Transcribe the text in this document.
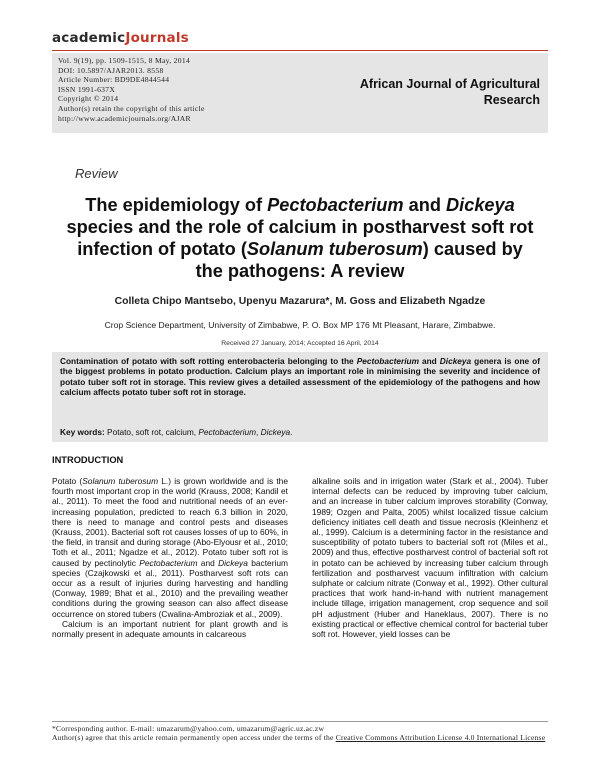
academicJournals
Vol. 9(19), pp. 1509-1515, 8 May, 2014
DOI: 10.5897/AJAR2013. 8558
Article Number: BD9DE4844544
ISSN 1991-637X
Copyright © 2014
Author(s) retain the copyright of this article
http://www.academicjournals.org/AJAR
African Journal of Agricultural
Research
Review
The epidemiology of Pectobacterium and Dickeya species and the role of calcium in postharvest soft rot infection of potato (Solanum tuberosum) caused by the pathogens: A review
Colleta Chipo Mantsebo, Upenyu Mazarura*, M. Goss and Elizabeth Ngadze
Crop Science Department, University of Zimbabwe, P. O. Box MP 176 Mt Pleasant, Harare, Zimbabwe.
Received 27 January, 2014; Accepted 16 April, 2014
Contamination of potato with soft rotting enterobacteria belonging to the Pectobacterium and Dickeya genera is one of the biggest problems in potato production. Calcium plays an important role in minimising the severity and incidence of potato tuber soft rot in storage. This review gives a detailed assessment of the epidemiology of the pathogens and how calcium affects potato tuber soft rot in storage.
Key words: Potato, soft rot, calcium, Pectobacterium, Dickeya.
INTRODUCTION

Potato (Solanum tuberosum L.) is grown worldwide and is the fourth most important crop in the world (Krauss, 2008; Kandil et al., 2011). To meet the food and nutritional needs of an ever-increasing population, predicted to reach 6.3 billion in 2020, there is need to manage and control pests and diseases (Krauss, 2001). Bacterial soft rot causes losses of up to 60%, in the field, in transit and during storage (Abo-Elyousr et al., 2010; Toth et al., 2011; Ngadze et al., 2012). Potato tuber soft rot is caused by pectinolytic Pectobacterium and Dickeya bacterium species (Czajkowski et al., 2011). Postharvest soft rots can occur as a result of injuries during harvesting and handling (Conway, 1989; Bhat et al., 2010) and the prevailing weather conditions during the growing season can also affect disease occurrence on stored tubers (Cwalina-Ambroziak et al., 2009).

Calcium is an important nutrient for plant growth and is normally present in adequate amounts in calcareous

alkaline soils and in irrigation water (Stark et al., 2004). Tuber internal defects can be reduced by improving tuber calcium, and an increase in tuber calcium improves storability (Conway, 1989; Ozgen and Palta, 2005) whilst localized tissue calcium deficiency initiates cell death and tissue necrosis (Kleinhenz et al., 1999). Calcium is a determining factor in the resistance and susceptibility of potato tubers to bacterial soft rot (Miles et al., 2009) and thus, effective postharvest control of bacterial soft rot in potato can be achieved by increasing tuber calcium through fertilization and postharvest vacuum infiltration with calcium sulphate or calcium nitrate (Conway et al., 1992). Other cultural practices that work hand-in-hand with nutrient management include tillage, irrigation management, crop sequence and soil pH adjustment (Huber and Haneklaus, 2007). There is no existing practical or effective chemical control for bacterial tuber soft rot. However, yield losses can be

*Corresponding author. E-mail: umazarum@yahoo.com, umazarum@agric.uz.ac.zw
Author(s) agree that this article remain permanently open access under the terms of the Creative Commons Attribution License 4.0 International License
